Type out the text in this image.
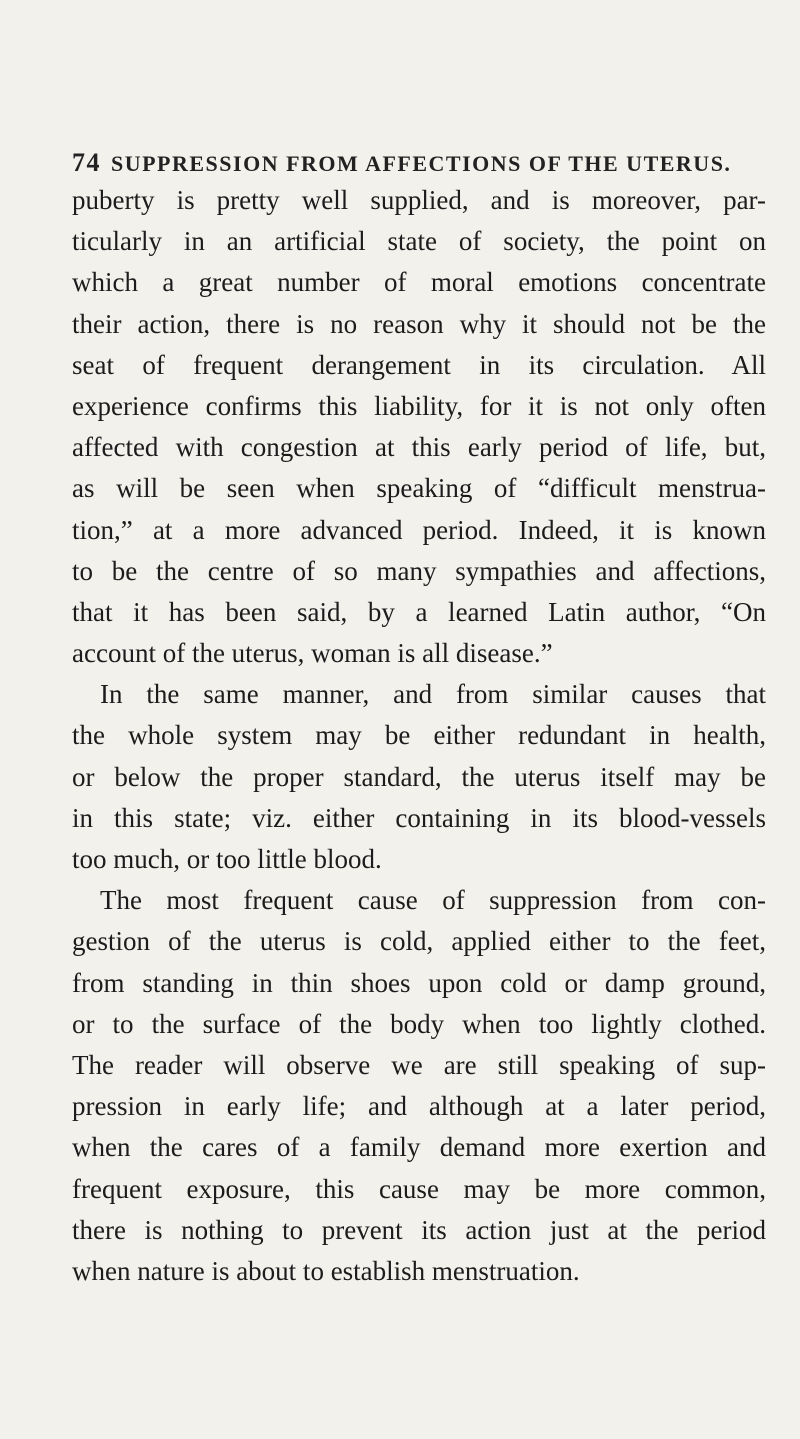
74 SUPPRESSION FROM AFFECTIONS OF THE UTERUS.
puberty is pretty well supplied, and is moreover, par-
ticularly in an artificial state of society, the point on
which a great number of moral emotions concentrate
their action, there is no reason why it should not be the
seat of frequent derangement in its circulation. All
experience confirms this liability, for it is not only often
affected with congestion at this early period of life, but,
as will be seen when speaking of “difficult menstrua-
tion,” at a more advanced period. Indeed, it is known
to be the centre of so many sympathies and affections,
that it has been said, by a learned Latin author, “On
account of the uterus, woman is all disease.”
In the same manner, and from similar causes that
the whole system may be either redundant in health,
or below the proper standard, the uterus itself may be
in this state; viz. either containing in its blood-vessels
too much, or too little blood.
The most frequent cause of suppression from con-
gestion of the uterus is cold, applied either to the feet,
from standing in thin shoes upon cold or damp ground,
or to the surface of the body when too lightly clothed.
The reader will observe we are still speaking of sup-
pression in early life; and although at a later period,
when the cares of a family demand more exertion and
frequent exposure, this cause may be more common,
there is nothing to prevent its action just at the period
when nature is about to establish menstruation.
